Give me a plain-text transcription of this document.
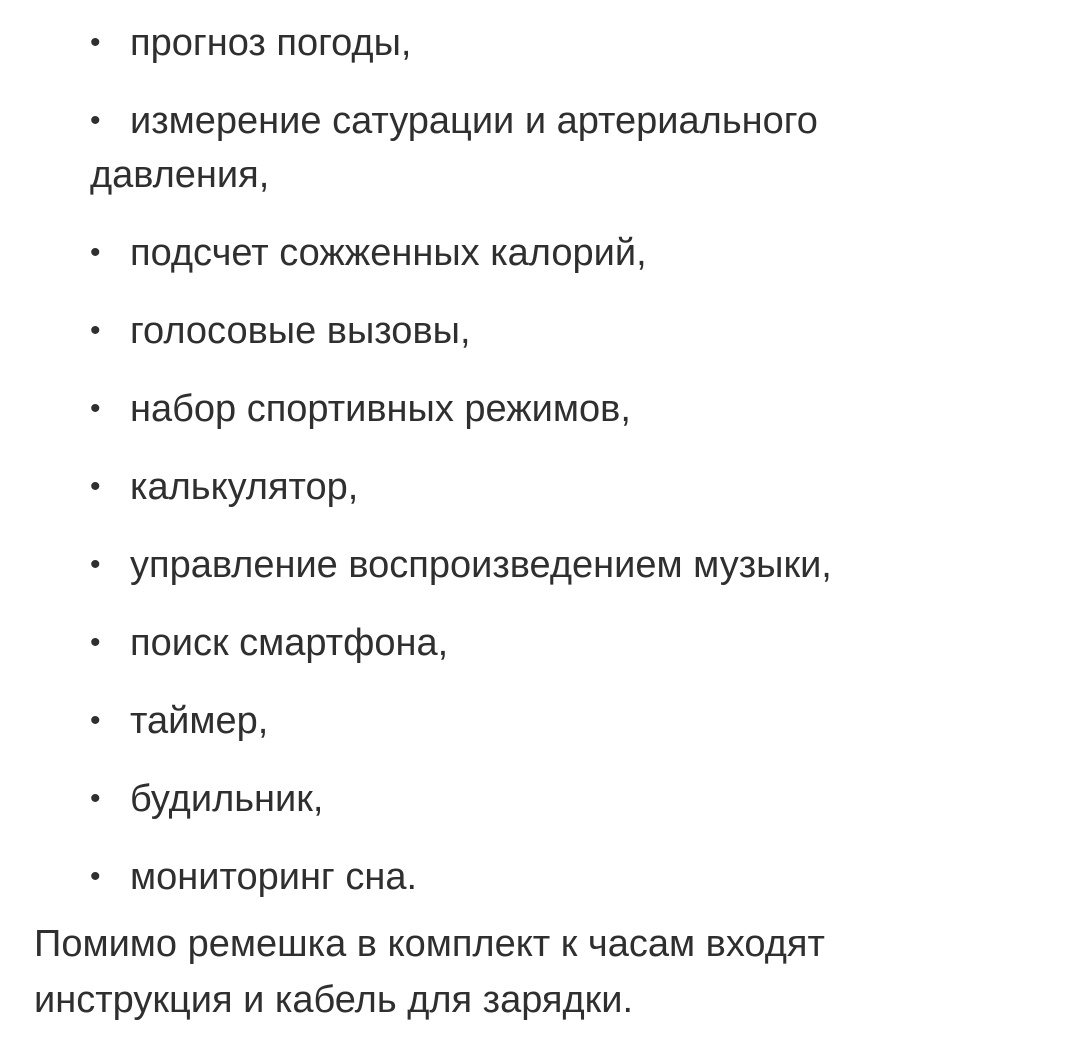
• прогноз погоды,
• измерение сатурации и артериального давления,
• подсчет сожженных калорий,
• голосовые вызовы,
• набор спортивных режимов,
• калькулятор,
• управление воспроизведением музыки,
• поиск смартфона,
• таймер,
• будильник,
• мониторинг сна.

Помимо ремешка в комплект к часам входят
инструкция и кабель для зарядки.
